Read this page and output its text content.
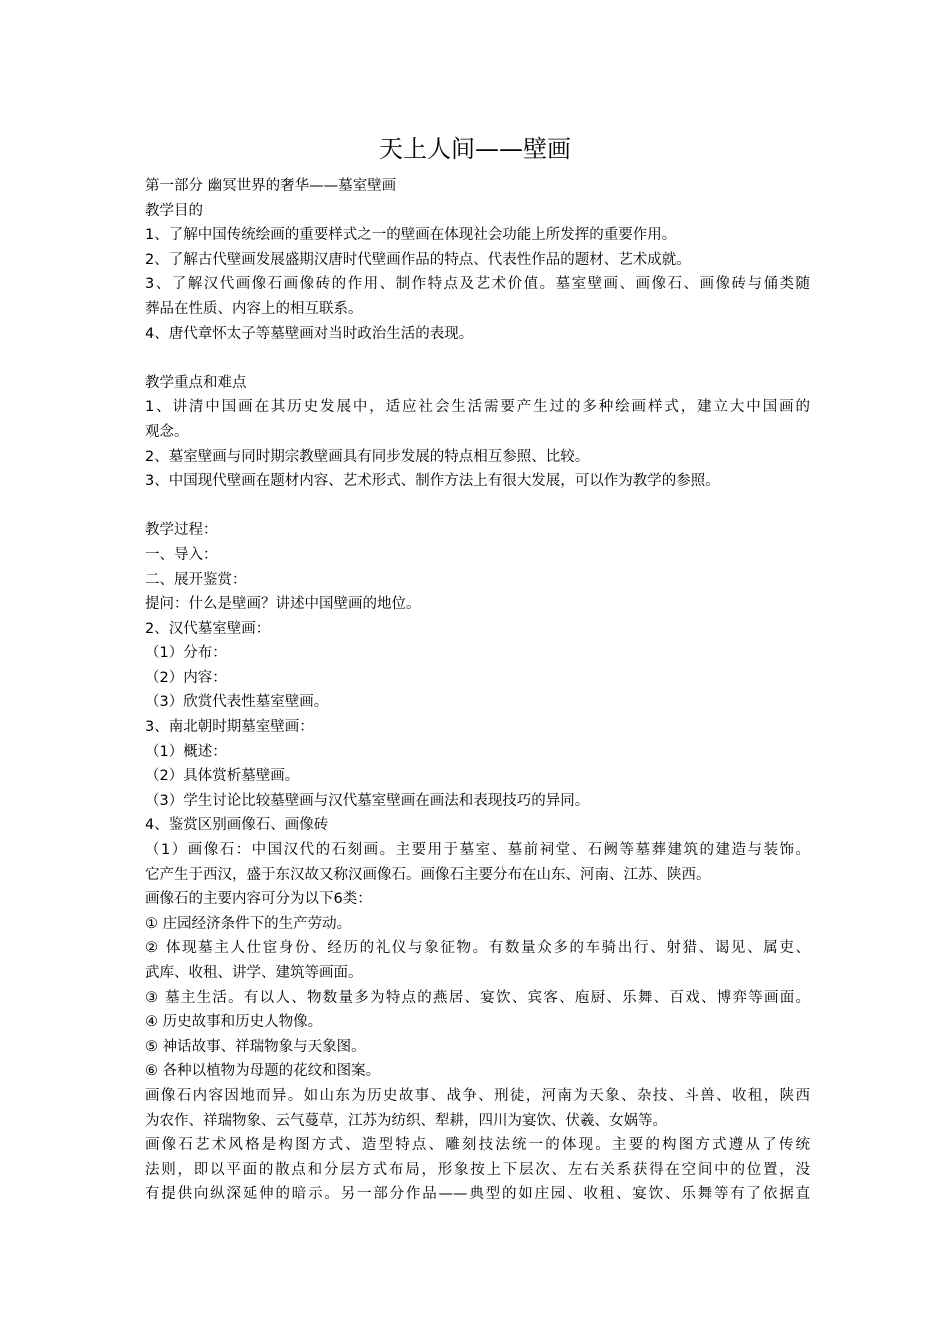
天上人间——壁画

第一部分 幽冥世界的奢华——墓室壁画

教学目的

1、了解中国传统绘画的重要样式之一的壁画在体现社会功能上所发挥的重要作用。

2、了解古代壁画发展盛期汉唐时代壁画作品的特点、代表性作品的题材、艺术成就。

3、了解汉代画像石画像砖的作用、制作特点及艺术价值。墓室壁画、画像石、画像砖与俑类随

葬品在性质、内容上的相互联系。

4、唐代章怀太子等墓壁画对当时政治生活的表现。

教学重点和难点

1、讲清中国画在其历史发展中，适应社会生活需要产生过的多种绘画样式，建立大中国画的

观念。

2、墓室壁画与同时期宗教壁画具有同步发展的特点相互参照、比较。

3、中国现代壁画在题材内容、艺术形式、制作方法上有很大发展，可以作为教学的参照。

教学过程：

一、导入：

二、展开鉴赏：

提问：什么是壁画？讲述中国壁画的地位。

2、汉代墓室壁画：

（1）分布：

（2）内容：

（3）欣赏代表性墓室壁画。

3、南北朝时期墓室壁画：

（1）概述：

（2）具体赏析墓壁画。

（3）学生讨论比较墓壁画与汉代墓室壁画在画法和表现技巧的异同。

4、鉴赏区别画像石、画像砖

（1）画像石：中国汉代的石刻画。主要用于墓室、墓前祠堂、石阙等墓葬建筑的建造与装饰。

它产生于西汉，盛于东汉故又称汉画像石。画像石主要分布在山东、河南、江苏、陕西。

画像石的主要内容可分为以下6类：

① 庄园经济条件下的生产劳动。

② 体现墓主人仕宦身份、经历的礼仪与象征物。有数量众多的车骑出行、射猎、谒见、属吏、

武库、收租、讲学、建筑等画面。

③ 墓主生活。有以人、物数量多为特点的燕居、宴饮、宾客、庖厨、乐舞、百戏、博弈等画面。

④ 历史故事和历史人物像。

⑤ 神话故事、祥瑞物象与天象图。

⑥ 各种以植物为母题的花纹和图案。

画像石内容因地而异。如山东为历史故事、战争、刑徒，河南为天象、杂技、斗兽、收租，陕西

为农作、祥瑞物象、云气蔓草，江苏为纺织、犁耕，四川为宴饮、伏羲、女娲等。

画像石艺术风格是构图方式、造型特点、雕刻技法统一的体现。主要的构图方式遵从了传统

法则，即以平面的散点和分层方式布局，形象按上下层次、左右关系获得在空间中的位置，没

有提供向纵深延伸的暗示。另一部分作品——典型的如庄园、收租、宴饮、乐舞等有了依据直
